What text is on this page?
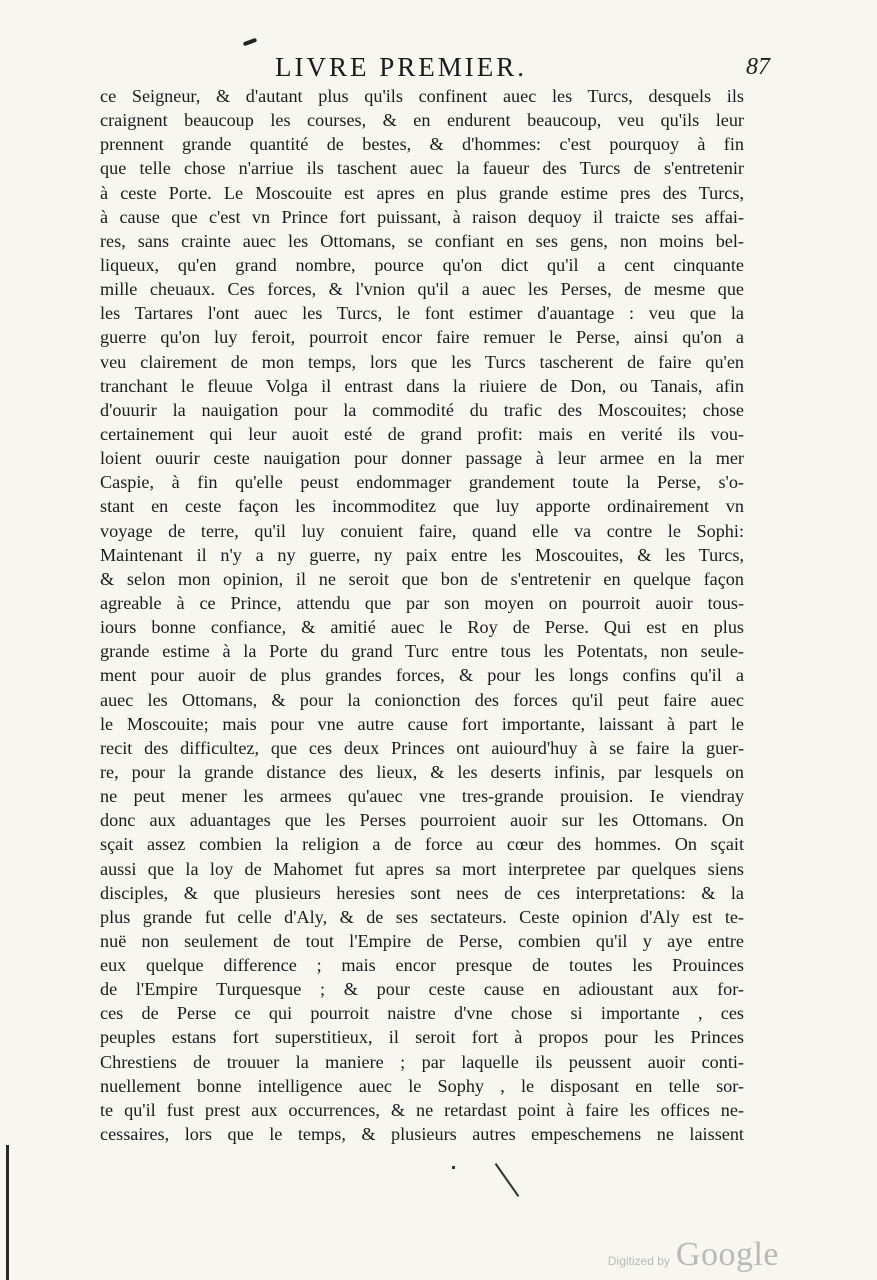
LIVRE PREMIER.	87
ce Seigneur, & d'autant plus qu'ils confinent auec les Turcs, desquels ils
craignent beaucoup les courses, & en endurent beaucoup, veu qu'ils leur
prennent grande quantité de bestes, & d'hommes: c'est pourquoy à fin
que telle chose n'arriue ils taschent auec la faueur des Turcs de s'entretenir
à ceste Porte. Le Moscouite est apres en plus grande estime pres des Turcs,
à cause que c'est vn Prince fort puissant, à raison dequoy il traicte ses affai-
res, sans crainte auec les Ottomans, se confiant en ses gens, non moins bel-
liqueux, qu'en grand nombre, pource qu'on dict qu'il a cent cinquante
mille cheuaux. Ces forces, & l'vnion qu'il a auec les Perses, de mesme que
les Tartares l'ont auec les Turcs, le font estimer d'auantage : veu que la
guerre qu'on luy feroit, pourroit encor faire remuer le Perse, ainsi qu'on a
veu clairement de mon temps, lors que les Turcs tascherent de faire qu'en
tranchant le fleuue Volga il entrast dans la riuiere de Don, ou Tanais, afin
d'ouurir la nauigation pour la commodité du trafic des Moscouites; chose
certainement qui leur auoit esté de grand profit: mais en verité ils vou-
loient ouurir ceste nauigation pour donner passage à leur armee en la mer
Caspie, à fin qu'elle peust endommager grandement toute la Perse, s'o-
stant en ceste façon les incommoditez que luy apporte ordinairement vn
voyage de terre, qu'il luy conuient faire, quand elle va contre le Sophi:
Maintenant il n'y a ny guerre, ny paix entre les Moscouites, & les Turcs,
& selon mon opinion, il ne seroit que bon de s'entretenir en quelque façon
agreable à ce Prince, attendu que par son moyen on pourroit auoir tous-
iours bonne confiance, & amitié auec le Roy de Perse. Qui est en plus
grande estime à la Porte du grand Turc entre tous les Potentats, non seule-
ment pour auoir de plus grandes forces, & pour les longs confins qu'il a
auec les Ottomans, & pour la conionction des forces qu'il peut faire auec
le Moscouite; mais pour vne autre cause fort importante, laissant à part le
recit des difficultez, que ces deux Princes ont auiourd'huy à se faire la guer-
re, pour la grande distance des lieux, & les deserts infinis, par lesquels on
ne peut mener les armees qu'auec vne tres-grande prouision. Ie viendray
donc aux aduantages que les Perses pourroient auoir sur les Ottomans. On
sçait assez combien la religion a de force au cœur des hommes. On sçait
aussi que la loy de Mahomet fut apres sa mort interpretee par quelques siens
disciples, & que plusieurs heresies sont nees de ces interpretations: & la
plus grande fut celle d'Aly, & de ses sectateurs. Ceste opinion d'Aly est te-
nuë non seulement de tout l'Empire de Perse, combien qu'il y aye entre
eux quelque difference ; mais encor presque de toutes les Prouinces
de l'Empire Turquesque ; & pour ceste cause en adioustant aux for-
ces de Perse ce qui pourroit naistre d'vne chose si importante , ces
peuples estans fort superstitieux, il seroit fort à propos pour les Princes
Chrestiens de trouuer la maniere ; par laquelle ils peussent auoir conti-
nuellement bonne intelligence auec le Sophy , le disposant en telle sor-
te qu'il fust prest aux occurrences, & ne retardast point à faire les offices ne-
cessaires, lors que le temps, & plusieurs autres empeschemens ne laissent
Digitized by Google
